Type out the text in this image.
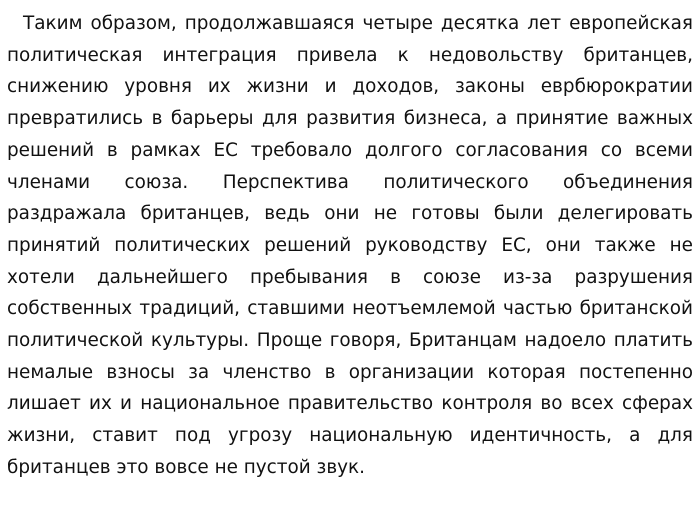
Таким образом, продолжавшаяся четыре десятка лет европейская политическая интеграция привела к недовольству британцев, снижению уровня их жизни и доходов, законы еврбюрократии превратились в барьеры для развития бизнеса, а принятие важных решений в рамках ЕС требовало долгого согласования со всеми членами союза. Перспектива политического объединения раздражала британцев, ведь они не готовы были делегировать принятий политических решений руководству ЕС, они также не хотели дальнейшего пребывания в союзе из-за разрушения собственных традиций, ставшими неотъемлемой частью британской политической культуры. Проще говоря, Британцам надоело платить немалые взносы за членство в организации которая постепенно лишает их и национальное правительство контроля во всех сферах жизни, ставит под угрозу национальную идентичность, а для британцев это вовсе не пустой звук.
